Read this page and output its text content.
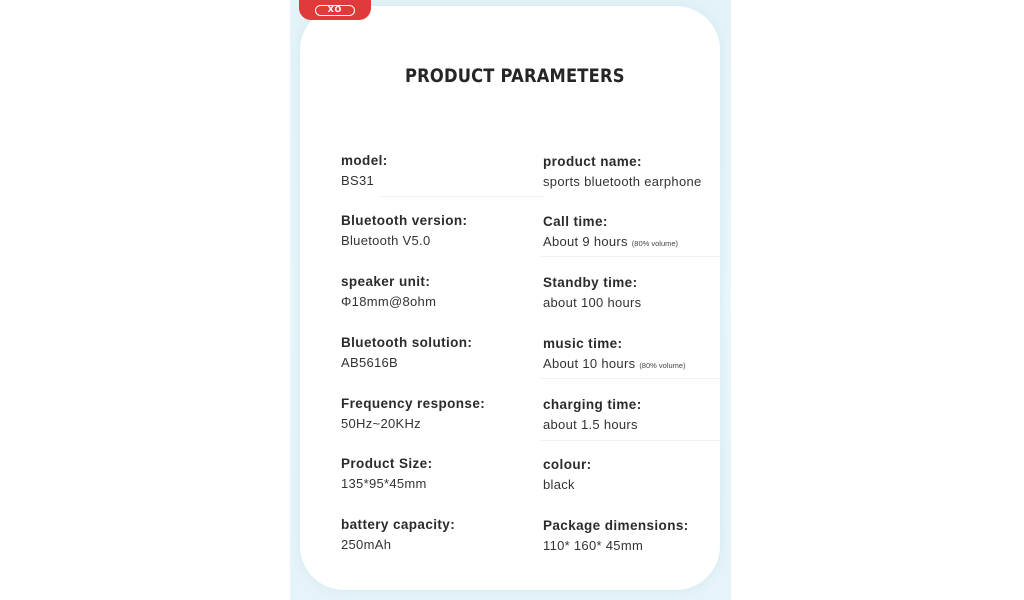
XO
PRODUCT PARAMETERS
model:
BS31
Bluetooth version:
Bluetooth V5.0
speaker unit:
Φ18mm@8ohm
Bluetooth solution:
AB5616B
Frequency response:
50Hz~20KHz
Product Size:
135*95*45mm
battery capacity:
250mAh
product name:
sports bluetooth earphone
Call time:
About 9 hours (80% volume)
Standby time:
about 100 hours
music time:
About 10 hours (80% volume)
charging time:
about 1.5 hours
colour:
black
Package dimensions:
110* 160* 45mm
